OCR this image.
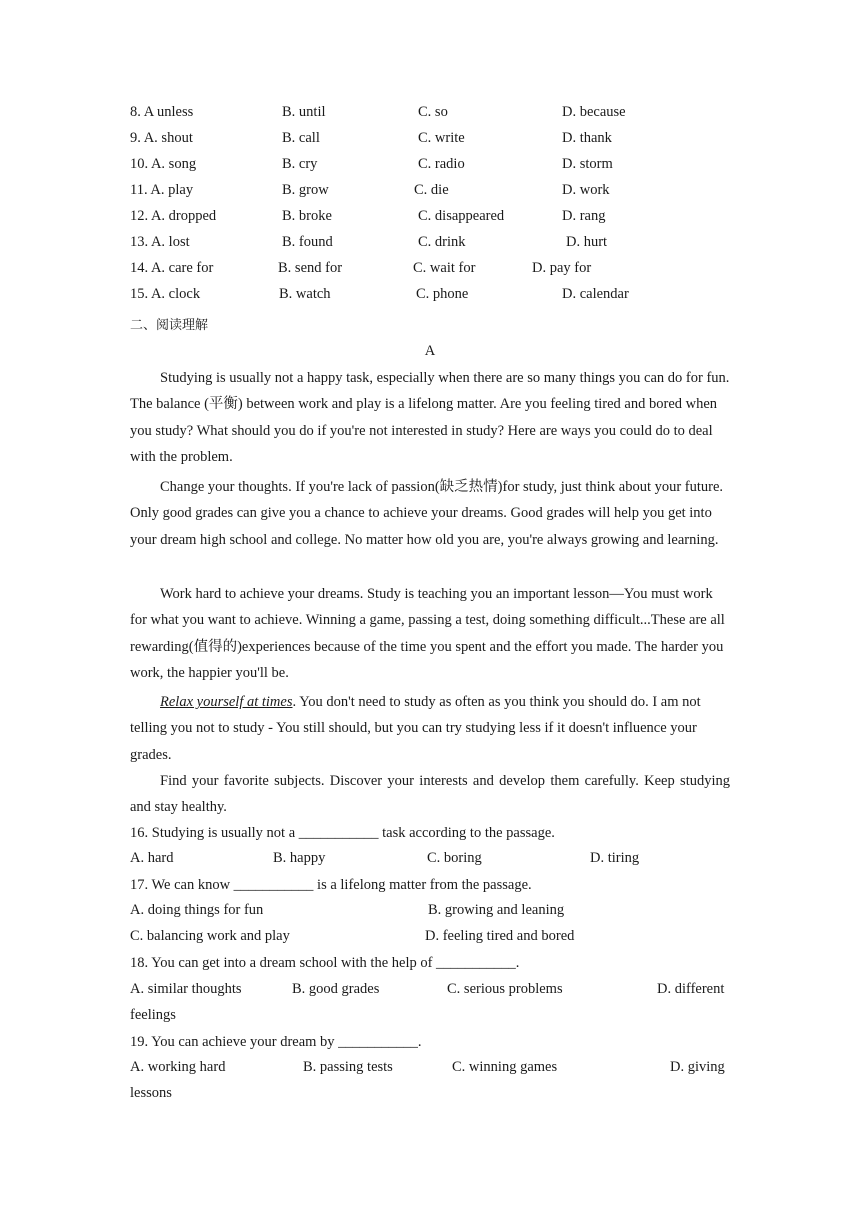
8. A unless	B. until	C. so	D. because
9. A. shout	B. call	C. write	D. thank
10. A. song	B. cry	C. radio	D. storm
11. A. play	B. grow	C. die	D. work
12. A. dropped	B. broke	C. disappeared	D. rang
13. A. lost	B. found	C. drink	D. hurt
14. A. care for	B. send for	C. wait for	D. pay for
15. A. clock	B. watch	C. phone	D. calendar
二、阅读理解
A
Studying is usually not a happy task, especially when there are so many things you can do for fun. The balance (平衡) between work and play is a lifelong matter. Are you feeling tired and bored when you study? What should you do if you're not interested in study? Here are ways you could do to deal with the problem.
Change your thoughts. If you're lack of passion(缺乏热情)for study, just think about your future. Only good grades can give you a chance to achieve your dreams. Good grades will help you get into your dream high school and college. No matter how old you are, you're always growing and learning.
Work hard to achieve your dreams. Study is teaching you an important lesson—You must work for what you want to achieve. Winning a game, passing a test, doing something difficult...These are all rewarding(值得的)experiences because of the time you spent and the effort you made. The harder you work, the happier you'll be.
Relax yourself at times. You don't need to study as often as you think you should do. I am not telling you not to study - You still should, but you can try studying less if it doesn't influence your grades.
Find your favorite subjects. Discover your interests and develop them carefully. Keep studying and stay healthy.
16. Studying is usually not a ___________ task according to the passage.
A. hard	B. happy	C. boring	D. tiring
17. We can know ___________ is a lifelong matter from the passage.
A. doing things for fun	B. growing and leaning
C. balancing work and play	D. feeling tired and bored
18. You can get into a dream school with the help of ___________.
A. similar thoughts	B. good grades	C. serious problems	D. different
feelings
19. You can achieve your dream by ___________.
A. working hard	B. passing tests	C. winning games	D. giving
lessons
